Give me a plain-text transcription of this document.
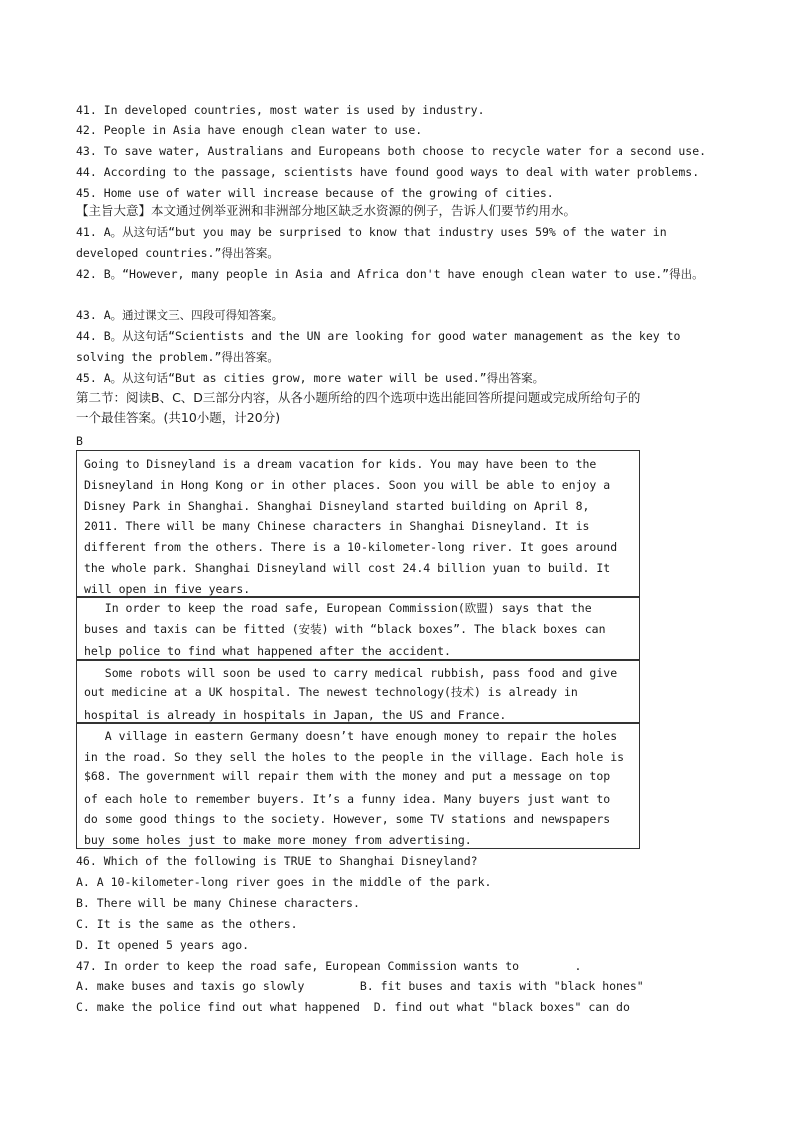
41. In developed countries, most water is used by industry.
42. People in Asia have enough clean water to use.
43. To save water, Australians and Europeans both choose to recycle water for a second use.
44. According to the passage, scientists have found good ways to deal with water problems.
45. Home use of water will increase because of the growing of cities.
【主旨大意】本文通过例举亚洲和非洲部分地区缺乏水资源的例子，告诉人们要节约用水。
41. A。从这句话“but you may be surprised to know that industry uses 59% of the water in
developed countries.”得出答案。
42. B。“However, many people in Asia and Africa don't have enough clean water to use.”得出。
43. A。通过课文三、四段可得知答案。
44. B。从这句话“Scientists and the UN are looking for good water management as the key to
solving the problem.”得出答案。
45. A。从这句话“But as cities grow, more water will be used.”得出答案。
第二节：阅读B、C、D三部分内容，从各小题所给的四个选项中选出能回答所提问题或完成所给句子的
一个最佳答案。(共10小题，计20分)
B
Going to Disneyland is a dream vacation for kids. You may have been to the
Disneyland in Hong Kong or in other places. Soon you will be able to enjoy a
Disney Park in Shanghai. Shanghai Disneyland started building on April 8,
2011. There will be many Chinese characters in Shanghai Disneyland. It is
different from the others. There is a 10-kilometer-long river. It goes around
the whole park. Shanghai Disneyland will cost 24.4 billion yuan to build. It
will open in five years.
In order to keep the road safe, European Commission(欧盟) says that the
buses and taxis can be fitted (安装) with “black boxes”. The black boxes can
help police to find what happened after the accident.
Some robots will soon be used to carry medical rubbish, pass food and give
out medicine at a UK hospital. The newest technology(技术) is already in
hospital is already in hospitals in Japan, the US and France.
A village in eastern Germany doesn’t have enough money to repair the holes
in the road. So they sell the holes to the people in the village. Each hole is
$68. The government will repair them with the money and put a message on top
of each hole to remember buyers. It’s a funny idea. Many buyers just want to
do some good things to the society. However, some TV stations and newspapers
buy some holes just to make more money from advertising.
46. Which of the following is TRUE to Shanghai Disneyland?
A. A 10-kilometer-long river goes in the middle of the park.
B. There will be many Chinese characters.
C. It is the same as the others.
D. It opened 5 years ago.
47. In order to keep the road safe, European Commission wants to        .
A. make buses and taxis go slowly        B. fit buses and taxis with "black hones"
C. make the police find out what happened  D. find out what "black boxes" can do
